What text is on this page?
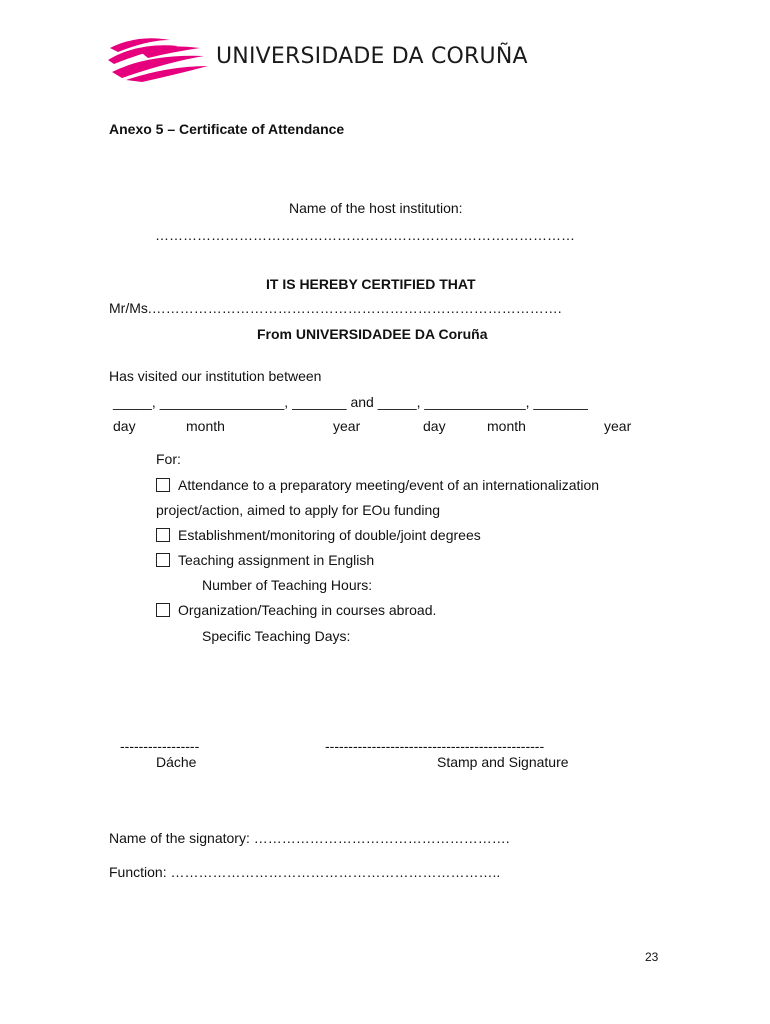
UNIVERSIDADE DA CORUÑA
Anexo 5 – Certificate of Attendance
Name of the host institution:
………………………………………………………………………………
IT IS HEREBY CERTIFIED THAT
Mr/Ms.…………………………………………………………………………….
From UNIVERSIDADEE DA Coruña
Has visited our institution between
_____, ________________, _______ and _____, _____________, _______
day	month	year	day	month	year
For:
Attendance to a preparatory meeting/event of an internationalization
project/action, aimed to apply for EOu funding
Establishment/monitoring of double/joint degrees
Teaching assignment in English
Number of Teaching Hours:
Organization/Teaching in courses abroad.
Specific Teaching Days:
-----------------	-----------------------------------------------
Dáche	Stamp and Signature
Name of the signatory: ……………………………………………….
Function: ……………………………………………………………..
23
